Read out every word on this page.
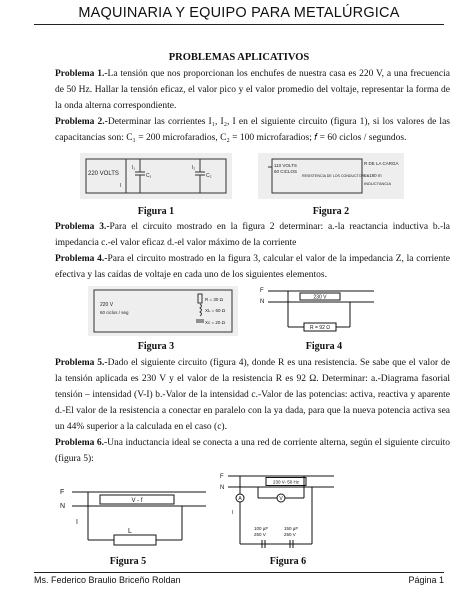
MAQUINARIA Y EQUIPO PARA METALÚRGICA
PROBLEMAS APLICATIVOS

Problema 1.-La tensión que nos proporcionan los enchufes de nuestra casa es 220 V, a una frecuencia de 50 Hz. Hallar la tensión eficaz, el valor pico y el valor promedio del voltaje, representar la forma de la onda alterna correspondiente.

Problema 2.-Determinar las corrientes I₁, I₂, I en el siguiente circuito (figura 1), si los valores de las capacitancias son: C₁ = 200 microfaradios, C₂ = 100 microfaradios; 𝑓 = 60 ciclos / segundos.

220 VOLTS
I
I₁	I₂
C₁	C₂
110 VOLTS
60 CICLOS
RESISTENCIA DE LOS CONDUCTORES
R DE LA CARGA
L=180 m
INDUCTANCIA
Figura 1	Figura 2

Problema 3.-Para el circuito mostrado en la figura 2 determinar: a.-la reactancia inductiva b.-la impedancia c.-el valor eficaz d.-el valor máximo de la corriente

Problema 4.-Para el circuito mostrado en la figura 3, calcular el valor de la impedancia Z, la corriente efectiva y las caídas de voltaje en cada uno de los siguientes elementos.

220 V
60 ciclos / seg
R = 30 Ω
XL = 60 Ω
Xc = 20 Ω
F
N
230 V
R = 92 Ω
Figura 3	Figura 4

Problema 5.-Dado el siguiente circuito (figura 4), donde R es una resistencia. Se sabe que el valor de la tensión aplicada es 230 V y el valor de la resistencia R es 92 Ω. Determinar: a.-Diagrama fasorial tensión – intensidad (V-I) b.-Valor de la intensidad c.-Valor de las potencias: activa, reactiva y aparente d.-El valor de la resistencia a conectar en paralelo con la ya dada, para que la nueva potencia activa sea un 44% superior a la calculada en el caso (c).

Problema 6.-Una inductancia ideal se conecta a una red de corriente alterna, según el siguiente circuito (figura 5):

F
N
V - f
I
L
F
N
230 V- 50 Hz
A
I
V
100 μF
250 V
150 μF
250 V
Figura 5	Figura 6
Ms. Federico Braulio Briceño Roldan	Página 1
